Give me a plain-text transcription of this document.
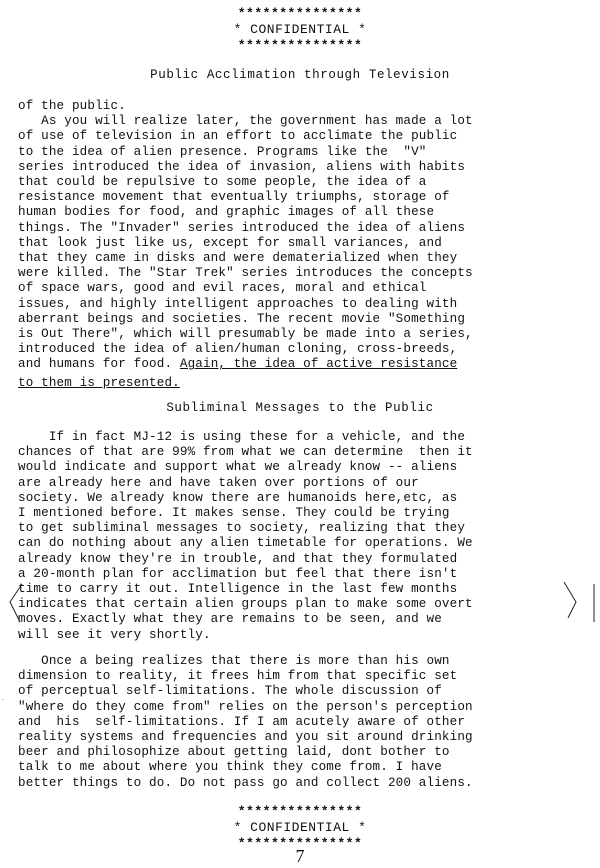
***************
* CONFIDENTIAL *
***************
Public Acclimation through Television
of the public.
As you will realize later, the government has made a lot
of use of television in an effort to acclimate the public
to the idea of alien presence. Programs like the  "V"
series introduced the idea of invasion, aliens with habits
that could be repulsive to some people, the idea of a
resistance movement that eventually triumphs, storage of
human bodies for food, and graphic images of all these
things. The "Invader" series introduced the idea of aliens
that look just like us, except for small variances, and
that they came in disks and were dematerialized when they
were killed. The "Star Trek" series introduces the concepts
of space wars, good and evil races, moral and ethical
issues, and highly intelligent approaches to dealing with
aberrant beings and societies. The recent movie "Something
is Out There", which will presumably be made into a series,
introduced the idea of alien/human cloning, cross-breeds,
and humans for food. Again, the idea of active resistance
to them is presented.
Subliminal Messages to the Public
If in fact MJ-12 is using these for a vehicle, and the
chances of that are 99% from what we can determine  then it
would indicate and support what we already know -- aliens
are already here and have taken over portions of our
society. We already know there are humanoids here,etc, as
I mentioned before. It makes sense. They could be trying
to get subliminal messages to society, realizing that they
can do nothing about any alien timetable for operations. We
already know they're in trouble, and that they formulated
a 20-month plan for acclimation but feel that there isn't
time to carry it out. Intelligence in the last few months
indicates that certain alien groups plan to make some overt
moves. Exactly what they are remains to be seen, and we
will see it very shortly.
Once a being realizes that there is more than his own
dimension to reality, it frees him from that specific set
of perceptual self-limitations. The whole discussion of
"where do they come from" relies on the person's perception
and  his  self-limitations. If I am acutely aware of other
reality systems and frequencies and you sit around drinking
beer and philosophize about getting laid, dont bother to
talk to me about where you think they come from. I have
better things to do. Do not pass go and collect 200 aliens.
***************
* CONFIDENTIAL *
***************
7
